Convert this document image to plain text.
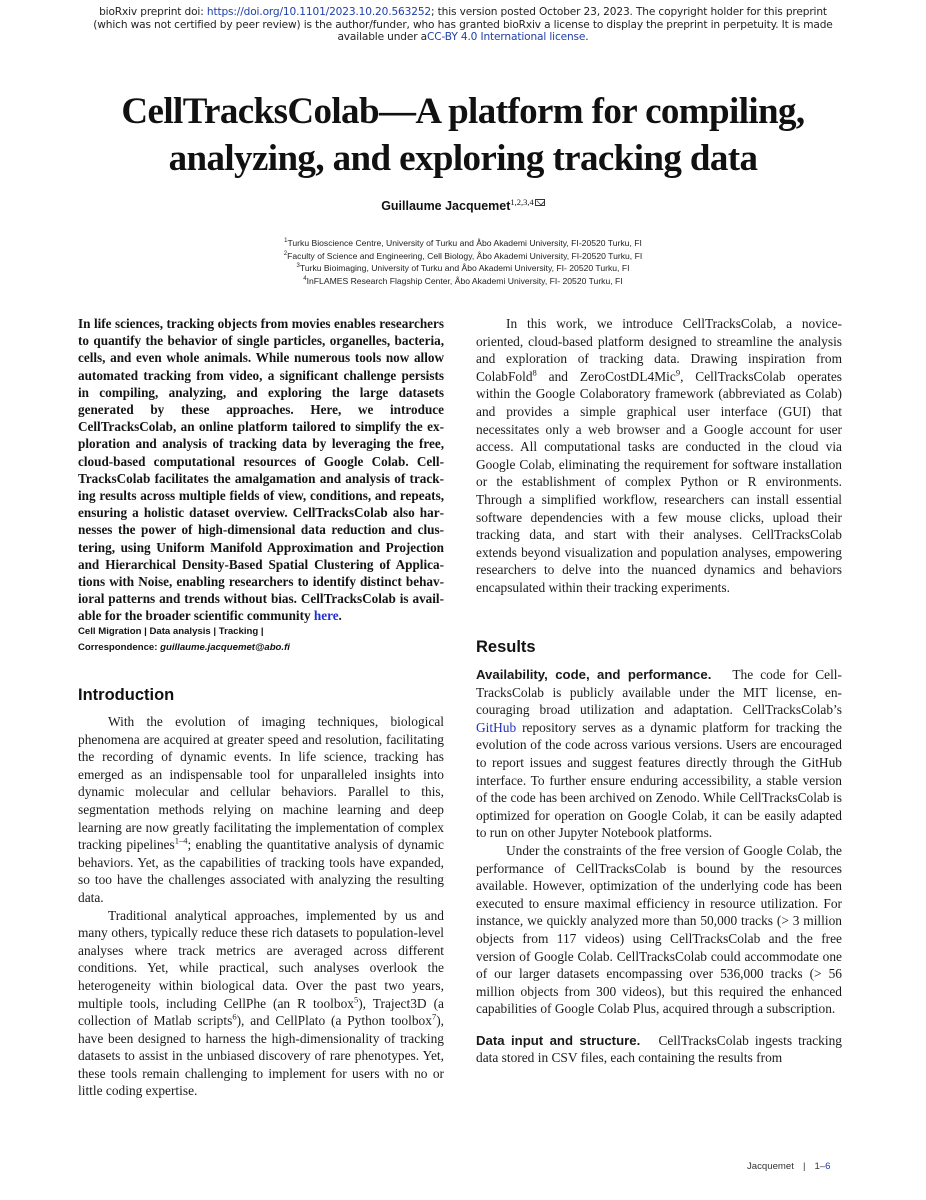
bioRxiv preprint doi: https://doi.org/10.1101/2023.10.20.563252; this version posted October 23, 2023. The copyright holder for this preprint
(which was not certified by peer review) is the author/funder, who has granted bioRxiv a license to display the preprint in perpetuity. It is made
available under aCC-BY 4.0 International license.
CellTracksColab—A platform for compiling,
analyzing, and exploring tracking data
Guillaume Jacquemet$^{1,2,3,4}$
$^1$Turku Bioscience Centre, University of Turku and Åbo Akademi University, FI-20520 Turku, FI
$^2$Faculty of Science and Engineering, Cell Biology, Åbo Akademi University, FI-20520 Turku, FI
$^3$Turku Bioimaging, University of Turku and Åbo Akademi University, FI- 20520 Turku, FI
$^4$InFLAMES Research Flagship Center, Åbo Akademi University, FI- 20520 Turku, FI
In life sciences, tracking objects from movies enables researchers to quantify the behavior of single particles, organelles, bacteria, cells, and even whole animals. While numerous tools now allow automated tracking from video, a significant challenge persists in compiling, analyzing, and exploring the large datasets generated by these approaches. Here, we introduce CellTracksColab, an online platform tailored to simplify the exploration and analysis of tracking data by leveraging the free, cloud-based computational resources of Google Colab. CellTracksColab facilitates the amalgamation and analysis of tracking results across multiple fields of view, conditions, and repeats, ensuring a holistic dataset overview. CellTracksColab also harnesses the power of high-dimensional data reduction and clustering, using Uniform Manifold Approximation and Projection and Hierarchical Density-Based Spatial Clustering of Applications with Noise, enabling researchers to identify distinct behavioral patterns and trends without bias. CellTracksColab is available for the broader scientific community here.
Cell Migration | Data analysis | Tracking |
Correspondence: guillaume.jacquemet@abo.fi
Introduction

With the evolution of imaging techniques, biological phenomena are acquired at greater speed and resolution, facilitating the recording of dynamic events. In life science, tracking has emerged as an indispensable tool for unparalleled insights into dynamic molecular and cellular behaviors. Parallel to this, segmentation methods relying on machine learning and deep learning are now greatly facilitating the implementation of complex tracking pipelines$^{1-4}$; enabling the quantitative analysis of dynamic behaviors. Yet, as the capabilities of tracking tools have expanded, so too have the challenges associated with analyzing the resulting data.

Traditional analytical approaches, implemented by us and many others, typically reduce these rich datasets to population-level analyses where track metrics are averaged across different conditions. Yet, while practical, such analyses overlook the heterogeneity within biological data. Over the past two years, multiple tools, including CellPhe (an R toolbox$^5$), Traject3D (a collection of Matlab scripts$^6$), and CellPlato (a Python toolbox$^7$), have been designed to harness the high-dimensionality of tracking datasets to assist in the unbiased discovery of rare phenotypes. Yet, these tools remain challenging to implement for users with no or little coding expertise.

In this work, we introduce CellTracksColab, a novice-oriented, cloud-based platform designed to streamline the analysis and exploration of tracking data. Drawing inspiration from ColabFold$^8$ and ZeroCostDL4Mic$^9$, CellTracksColab operates within the Google Colaboratory framework (abbreviated as Colab) and provides a simple graphical user interface (GUI) that necessitates only a web browser and a Google account for user access. All computational tasks are conducted in the cloud via Google Colab, eliminating the requirement for software installation or the establishment of complex Python or R environments. Through a simplified workflow, researchers can install essential software dependencies with a few mouse clicks, upload their tracking data, and start with their analyses. CellTracksColab extends beyond visualization and population analyses, empowering researchers to delve into the nuanced dynamics and behaviors encapsulated within their tracking experiments.

Results

Availability, code, and performance. The code for CellTracksColab is publicly available under the MIT license, encouraging broad utilization and adaptation. CellTracksColab’s GitHub repository serves as a dynamic platform for tracking the evolution of the code across various versions. Users are encouraged to report issues and suggest features directly through the GitHub interface. To further ensure enduring accessibility, a stable version of the code has been archived on Zenodo. While CellTracksColab is optimized for operation on Google Colab, it can be easily adapted to run on other Jupyter Notebook platforms.

Under the constraints of the free version of Google Colab, the performance of CellTracksColab is bound by the resources available. However, optimization of the underlying code has been executed to ensure maximal efficiency in resource utilization. For instance, we quickly analyzed more than 50,000 tracks (> 3 million objects from 117 videos) using CellTracksColab and the free version of Google Colab. CellTracksColab could accommodate one of our larger datasets encompassing over 536,000 tracks (> 56 million objects from 300 videos), but this required the enhanced capabilities of Google Colab Plus, acquired through a subscription.

Data input and structure. CellTracksColab ingests tracking data stored in CSV files, each containing the results from

Jacquemet | 1–6
